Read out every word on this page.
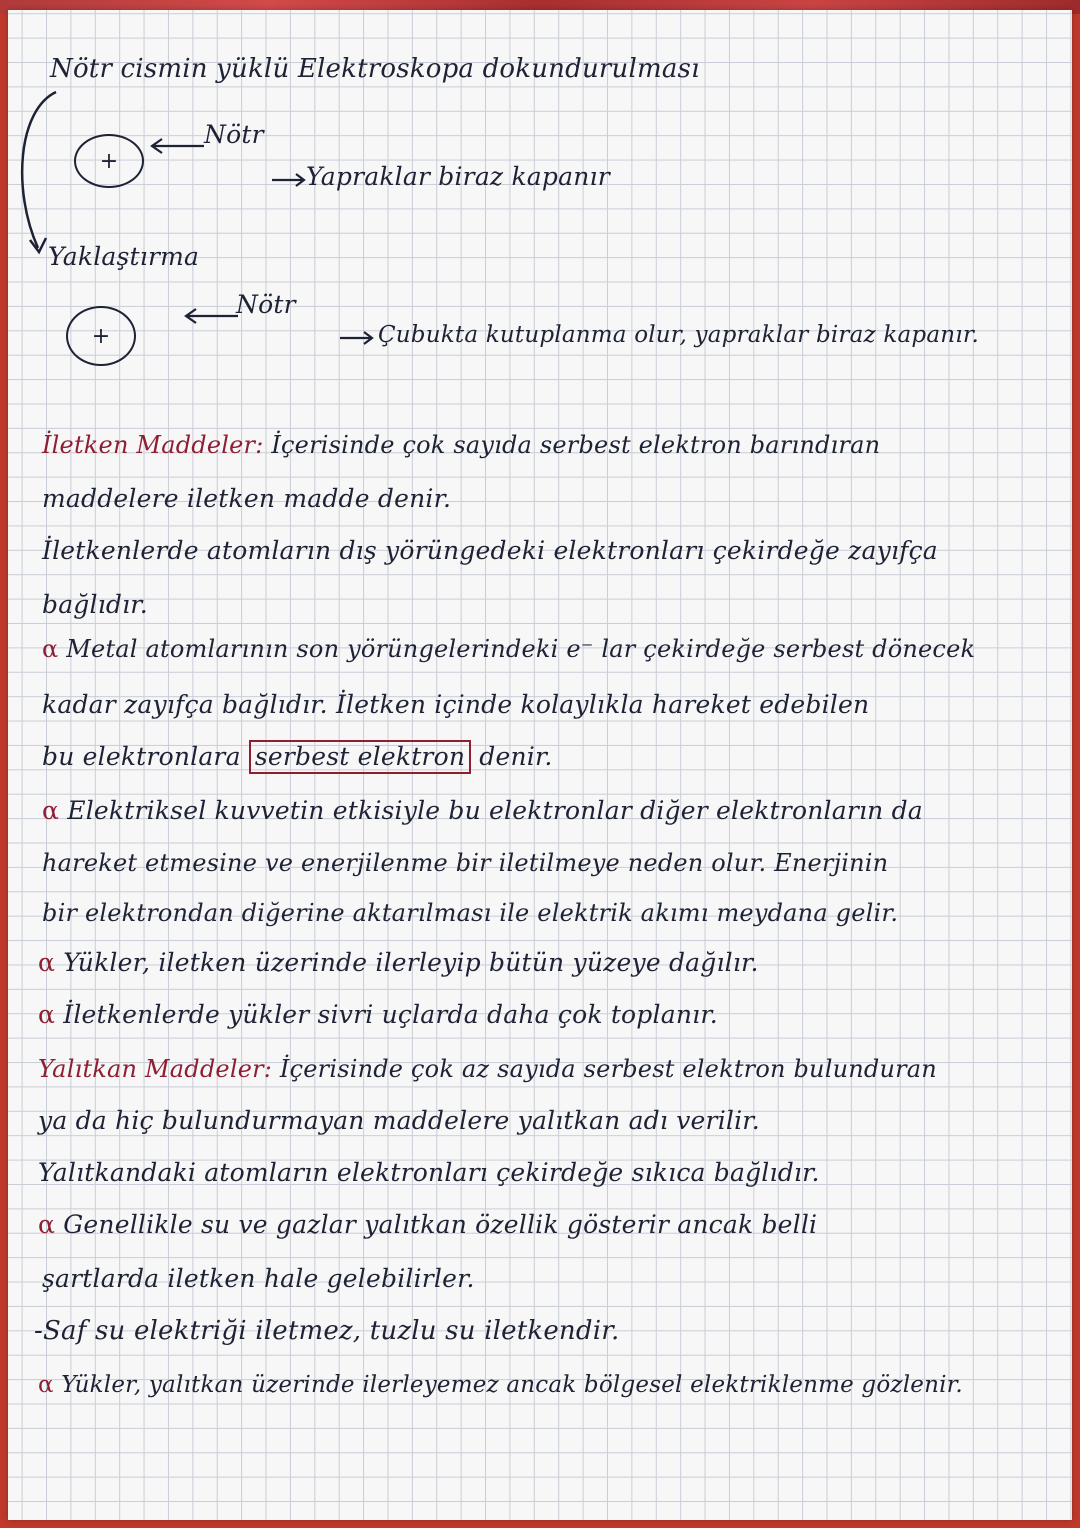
Nötr cismin yüklü Elektroskopa dokundurulması

+

Nötr

Yapraklar biraz kapanır

Yaklaştırma

+

Nötr

Çubukta kutuplanma olur, yapraklar biraz kapanır.

İletken Maddeler: İçerisinde çok sayıda serbest elektron barındıran

maddelere iletken madde denir.

İletkenlerde atomların dış yörüngedeki elektronları çekirdeğe zayıfça

bağlıdır.

α Metal atomlarının son yörüngelerindeki e⁻ lar çekirdeğe serbest dönecek

kadar zayıfça bağlıdır. İletken içinde kolaylıkla hareket edebilen

bu elektronlara serbest elektron denir.

α Elektriksel kuvvetin etkisiyle bu elektronlar diğer elektronların da

hareket etmesine ve enerjilenme bir iletilmeye neden olur. Enerjinin

bir elektrondan diğerine aktarılması ile elektrik akımı meydana gelir.

α Yükler, iletken üzerinde ilerleyip bütün yüzeye dağılır.

α İletkenlerde yükler sivri uçlarda daha çok toplanır.

Yalıtkan Maddeler: İçerisinde çok az sayıda serbest elektron bulunduran

ya da hiç bulundurmayan maddelere yalıtkan adı verilir.

Yalıtkandaki atomların elektronları çekirdeğe sıkıca bağlıdır.

α Genellikle su ve gazlar yalıtkan özellik gösterir ancak belli

şartlarda iletken hale gelebilirler.

-Saf su elektriği iletmez, tuzlu su iletkendir.

α Yükler, yalıtkan üzerinde ilerleyemez ancak bölgesel elektriklenme gözlenir.
